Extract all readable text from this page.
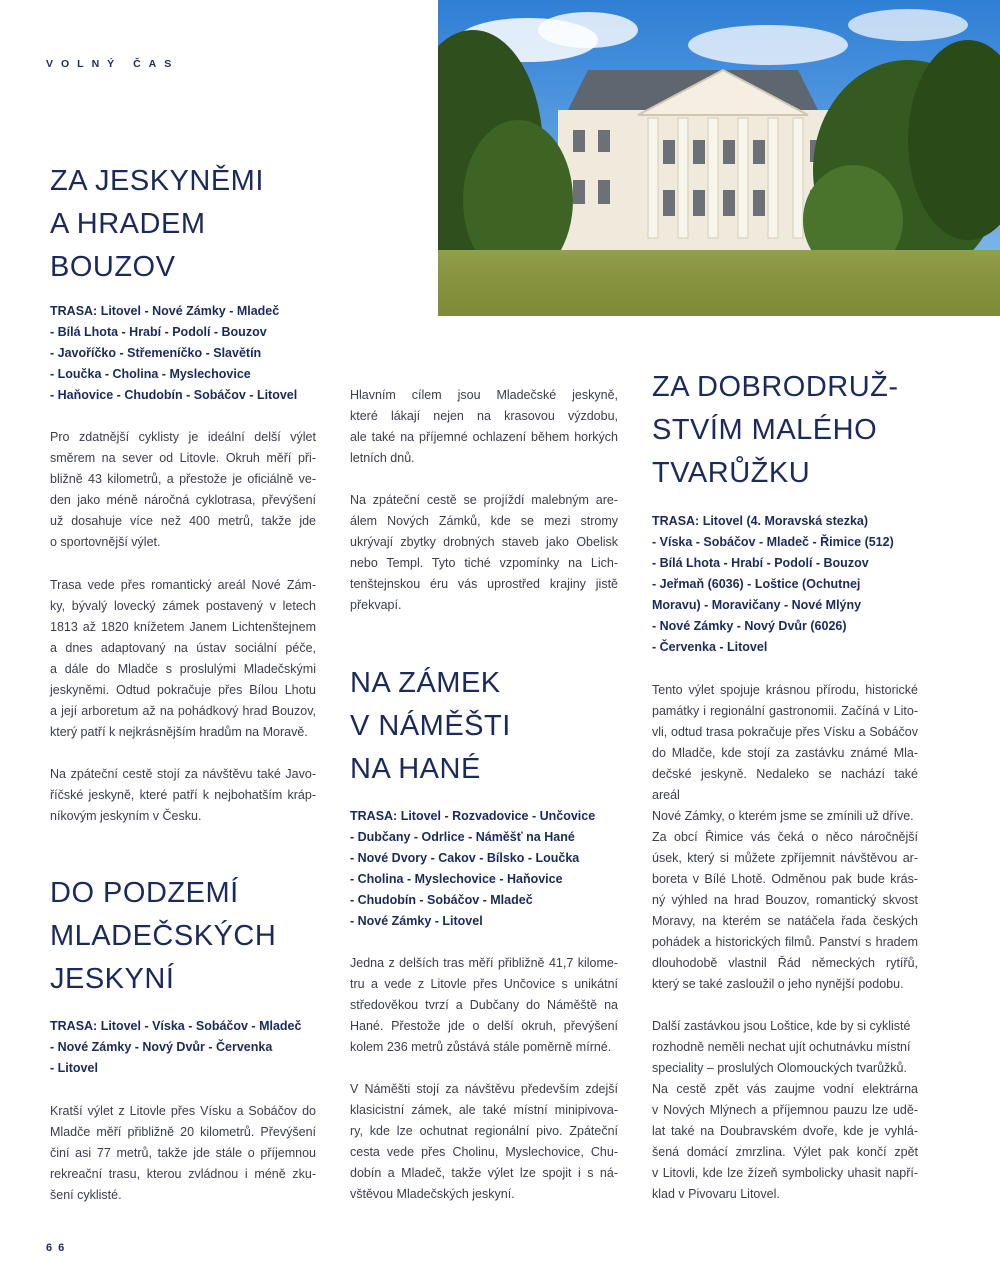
VOLNÝ ČAS
ZA JESKYNĚMI
A HRADEM
BOUZOV

TRASA: Litovel - Nové Zámky - Mladeč
- Bílá Lhota - Hrabí - Podolí - Bouzov
- Javoříčko - Střemeníčko - Slavětín
- Loučka - Cholina - Myslechovice
- Haňovice - Chudobín - Sobáčov - Litovel

Pro zdatnější cyklisty je ideální delší výlet
směrem na sever od Litovle. Okruh měří při-
bližně 43 kilometrů, a přestože je oficiálně ve-
den jako méně náročná cyklotrasa, převýšení
už dosahuje více než 400 metrů, takže jde
o sportovnější výlet.

Trasa vede přes romantický areál Nové Zám-
ky, bývalý lovecký zámek postavený v letech
1813 až 1820 knížetem Janem Lichtenštejnem
a dnes adaptovaný na ústav sociální péče,
a dále do Mladče s proslulými Mladečskými
jeskyněmi. Odtud pokračuje přes Bílou Lhotu
a její arboretum až na pohádkový hrad Bouzov,
který patří k nejkrásnějším hradům na Moravě.

Na zpáteční cestě stojí za návštěvu také Javo-
říčské jeskyně, které patří k nejbohatším kráp-
níkovým jeskyním v Česku.

DO PODZEMÍ
MLADEČSKÝCH
JESKYNÍ

TRASA: Litovel - Víska - Sobáčov - Mladeč
- Nové Zámky - Nový Dvůr - Červenka
- Litovel

Kratší výlet z Litovle přes Vísku a Sobáčov do
Mladče měří přibližně 20 kilometrů. Převýšení
činí asi 77 metrů, takže jde stále o příjemnou
rekreační trasu, kterou zvládnou i méně zku-
šení cyklisté.

Hlavním cílem jsou Mladečské jeskyně,
které lákají nejen na krasovou výzdobu,
ale také na příjemné ochlazení během horkých
letních dnů.

Na zpáteční cestě se projíždí malebným are-
álem Nových Zámků, kde se mezi stromy
ukrývají zbytky drobných staveb jako Obelisk
nebo Templ. Tyto tiché vzpomínky na Lich-
tenštejnskou éru vás uprostřed krajiny jistě
překvapí.

NA ZÁMEK
V NÁMĚŠTI
NA HANÉ

TRASA: Litovel - Rozvadovice - Unčovice
- Dubčany - Odrlice - Náměšť na Hané
- Nové Dvory - Cakov - Bílsko - Loučka
- Cholina - Myslechovice - Haňovice
- Chudobín - Sobáčov - Mladeč
- Nové Zámky - Litovel

Jedna z delších tras měří přibližně 41,7 kilome-
tru a vede z Litovle přes Unčovice s unikátní
středověkou tvrzí a Dubčany do Náměště na
Hané. Přestože jde o delší okruh, převýšení
kolem 236 metrů zůstává stále poměrně mírné.

V Náměšti stojí za návštěvu především zdejší
klasicistní zámek, ale také místní minipivova-
ry, kde lze ochutnat regionální pivo. Zpáteční
cesta vede přes Cholinu, Myslechovice, Chu-
dobín a Mladeč, takže výlet lze spojit i s ná-
vštěvou Mladečských jeskyní.

ZA DOBRODRUŽ-
STVÍM MALÉHO
TVARŮŽKU

TRASA: Litovel (4. Moravská stezka)
- Víska - Sobáčov - Mladeč - Řimice (512)
- Bílá Lhota - Hrabí - Podolí - Bouzov
- Jeřmaň (6036) - Loštice (Ochutnej
Moravu) - Moravičany - Nové Mlýny
- Nové Zámky - Nový Dvůr (6026)
- Červenka - Litovel

Tento výlet spojuje krásnou přírodu, historické
památky i regionální gastronomii. Začíná v Lito-
vli, odtud trasa pokračuje přes Vísku a Sobáčov
do Mladče, kde stojí za zastávku známé Mla-
dečské jeskyně. Nedaleko se nachází také areál
Nové Zámky, o kterém jsme se zmínili už dříve.

Za obcí Řimice vás čeká o něco náročnější
úsek, který si můžete zpříjemnit návštěvou ar-
boreta v Bílé Lhotě. Odměnou pak bude krás-
ný výhled na hrad Bouzov, romantický skvost
Moravy, na kterém se natáčela řada českých
pohádek a historických filmů. Panství s hradem
dlouhodobě vlastnil Řád německých rytířů,
který se také zasloužil o jeho nynější podobu.

Další zastávkou jsou Loštice, kde by si cyklisté
rozhodně neměli nechat ujít ochutnávku místní
speciality – proslulých Olomouckých tvarůžků.
Na cestě zpět vás zaujme vodní elektrárna
v Nových Mlýnech a příjemnou pauzu lze udě-
lat také na Doubravském dvoře, kde je vyhlá-
šená domácí zmrzlina. Výlet pak končí zpět
v Litovli, kde lze žízeň symbolicky uhasit napří-
klad v Pivovaru Litovel.

66
